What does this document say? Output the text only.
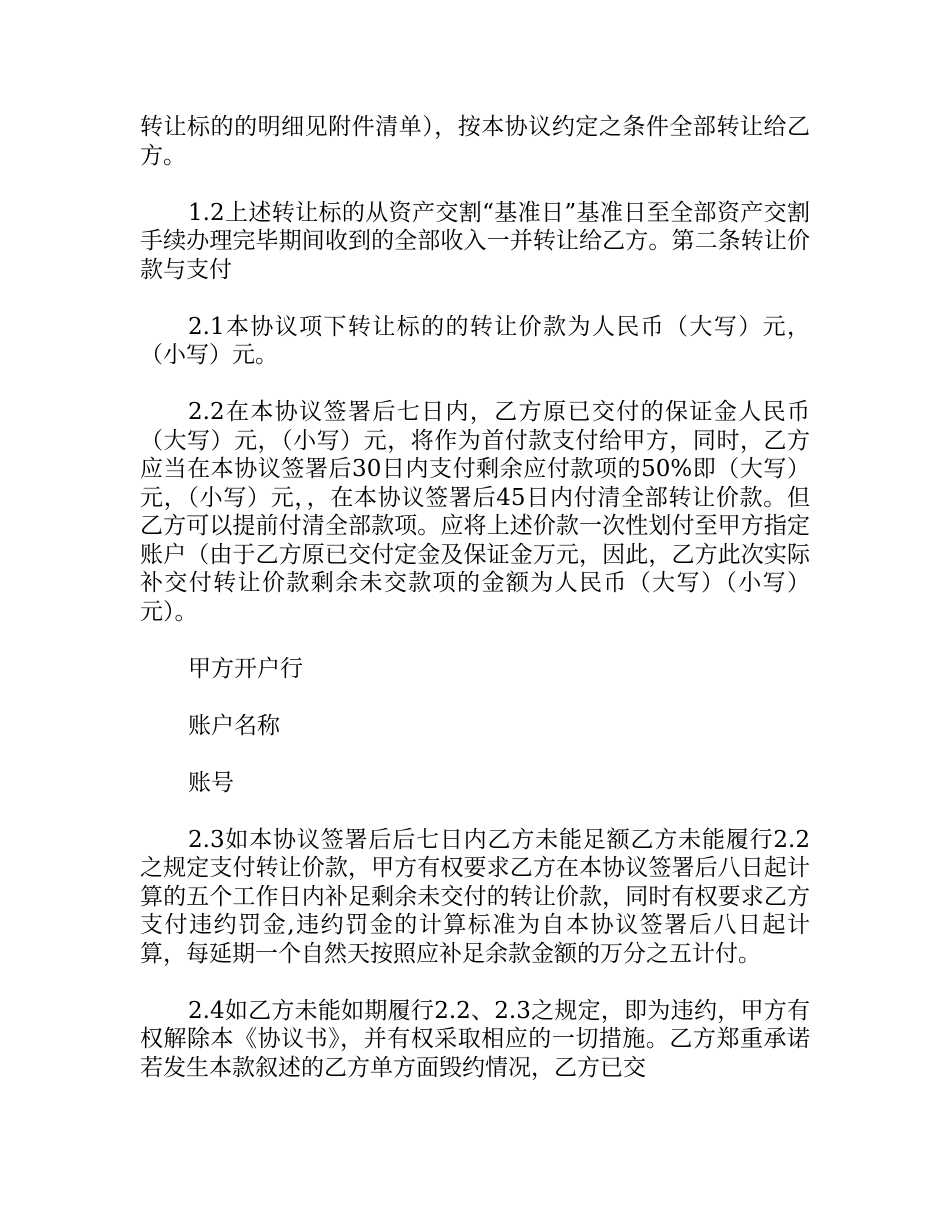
转让标的的明细见附件清单），按本协议约定之条件全部转让给乙方。

1.2上述转让标的从资产交割“基准日”基准日至全部资产交割手续办理完毕期间收到的全部收入一并转让给乙方。第二条转让价款与支付

2.1本协议项下转让标的的转让价款为人民币（大写）元，（小写）元。

2.2在本协议签署后七日内，乙方原已交付的保证金人民币（大写）元，（小写）元，将作为首付款支付给甲方，同时，乙方应当在本协议签署后30日内支付剩余应付款项的50%即（大写）元，（小写）元，，在本协议签署后45日内付清全部转让价款。但乙方可以提前付清全部款项。应将上述价款一次性划付至甲方指定账户（由于乙方原已交付定金及保证金万元，因此，乙方此次实际补交付转让价款剩余未交款项的金额为人民币（大写）（小写）元）。

甲方开户行

账户名称

账号

2.3如本协议签署后后七日内乙方未能足额乙方未能履行2.2之规定支付转让价款，甲方有权要求乙方在本协议签署后八日起计算的五个工作日内补足剩余未交付的转让价款，同时有权要求乙方支付违约罚金,违约罚金的计算标准为自本协议签署后八日起计算，每延期一个自然天按照应补足余款金额的万分之五计付。

2.4如乙方未能如期履行2.2、2.3之规定，即为违约，甲方有权解除本《协议书》，并有权采取相应的一切措施。乙方郑重承诺若发生本款叙述的乙方单方面毁约情况，乙方已交
